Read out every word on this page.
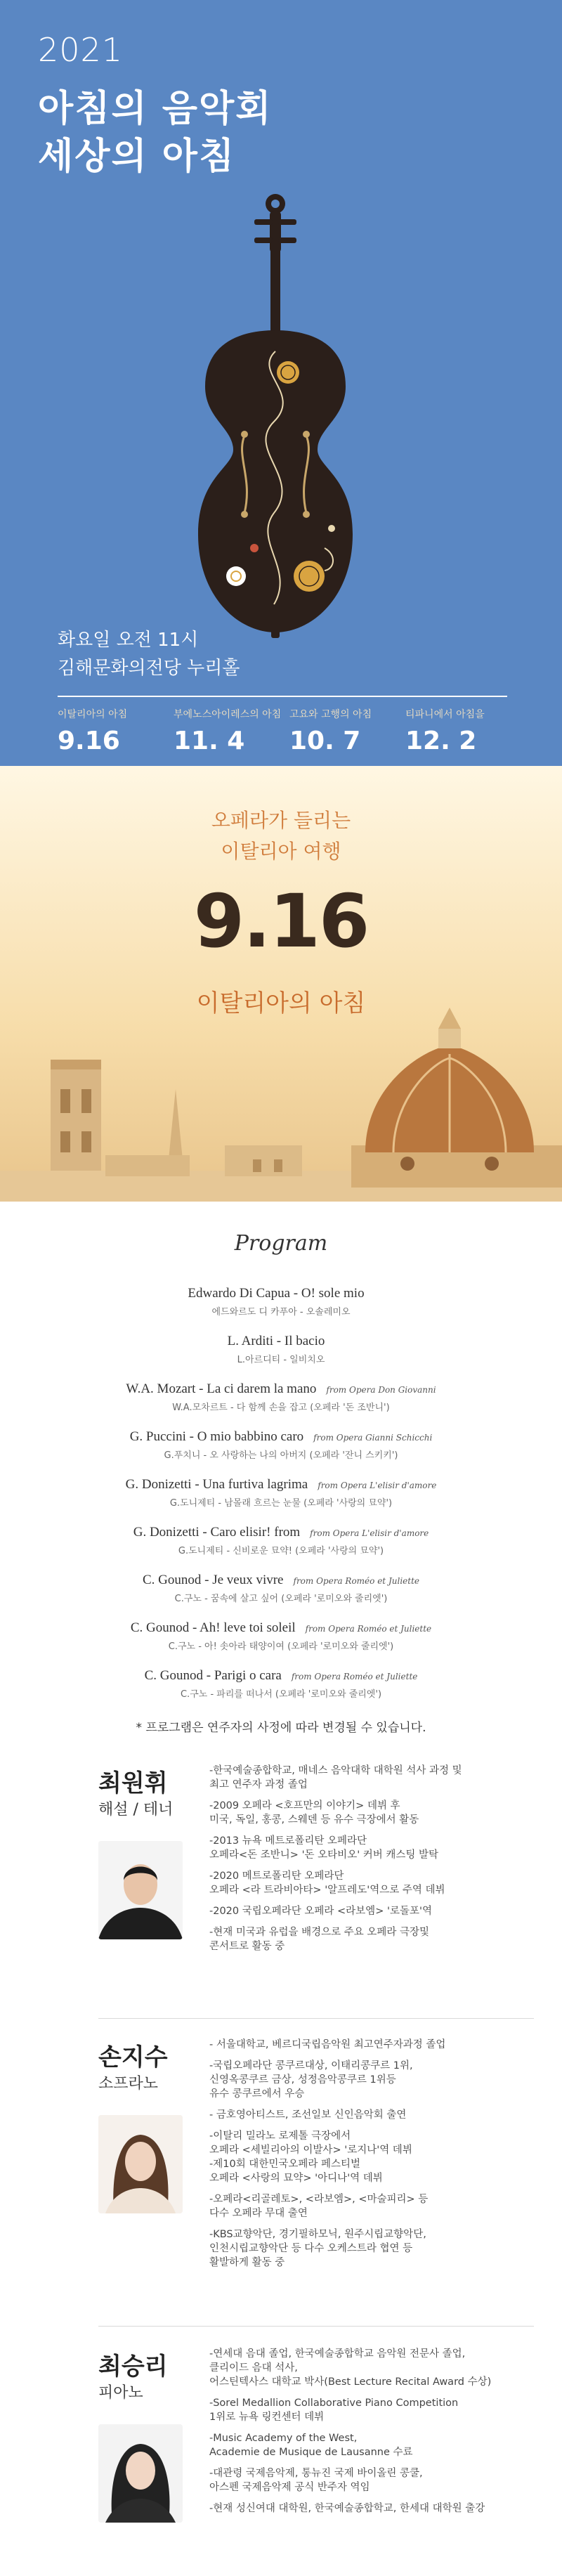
2021
아침의 음악회
세상의 아침
화요일 오전 11시
김해문화의전당 누리홀
이탈리아의 아침
9.16
부에노스아이레스의 아침
11. 4
고요와 고행의 아침
10. 7
티파니에서 아침을
12. 2
오페라가 들리는
이탈리아 여행
9.16
이탈리아의 아침
Program
Edwardo Di Capua - O! sole mio
에드와르도 디 카푸아 - 오솔레미오
L. Arditi - Il bacio
L.아르디티 - 일비치오
W.A. Mozart - La ci darem la mano from Opera Don Giovanni
W.A.모차르트 - 다 함께 손을 잡고 (오페라 '돈 조반니')
G. Puccini - O mio babbino caro from Opera Gianni Schicchi
G.푸치니 - 오 사랑하는 나의 아버지 (오페라 '잔니 스키키')
G. Donizetti - Una furtiva lagrima from Opera L'elisir d'amore
G.도니제티 - 남몰래 흐르는 눈물 (오페라 '사랑의 묘약')
G. Donizetti - Caro elisir! from from Opera L'elisir d'amore
G.도니제티 - 신비로운 묘약! (오페라 '사랑의 묘약')
C. Gounod - Je veux vivre from Opera Roméo et Juliette
C.구노 - 꿈속에 살고 싶어 (오페라 '로미오와 줄리엣')
C. Gounod - Ah! leve toi soleil from Opera Roméo et Juliette
C.구노 - 아! 솟아라 태양이여 (오페라 '로미오와 줄리엣')
C. Gounod - Parigi o cara from Opera Roméo et Juliette
C.구노 - 파리를 떠나서 (오페라 '로미오와 줄리엣')
* 프로그램은 연주자의 사정에 따라 변경될 수 있습니다.
최원휘
해설 / 테너
-한국예술종합학교, 매네스 음악대학 대학원 석사 과정 및
최고 연주자 과정 졸업
-2009 오페라 <호프만의 이야기> 데뷔 후
미국, 독일, 홍콩, 스웨덴 등 유수 극장에서 활동
-2013 뉴욕 메트로폴리탄 오페라단
오페라<돈 조반니> '돈 오타비오' 커버 캐스팅 발탁
-2020 메트로폴리탄 오페라단
오페라 <라 트라비아타> '알프레도'역으로 주역 데뷔
-2020 국립오페라단 오페라 <라보엠> '로돌포'역
-현재 미국과 유럽을 배경으로 주요 오페라 극장및
콘서트로 활동 중
손지수
소프라노
- 서울대학교, 베르디국립음악원 최고연주자과정 졸업
-국립오페라단 콩쿠르대상, 이태리콩쿠르 1위,
신영옥콩쿠르 금상, 성정음악콩쿠르 1위등
유수 콩쿠르에서 우승
- 금호영아티스트, 조선일보 신인음악회 출연
-이탈리 밀라노 로제톨 극장에서
오페라 <세빌리아의 이발사> '로지나'역 데뷔
-제10회 대한민국오페라 페스티벌
오페라 <사랑의 묘약> '아디나'역 데뷔
-오페라<리골레토>, <라보엠>, <마술피리> 등
다수 오페라 무대 출연
-KBS교향악단, 경기필하모닉, 원주시립교향악단,
인천시립교향악단 등 다수 오케스트라 협연 등
활발하게 활동 중
최승리
피아노
-연세대 음대 졸업, 한국예술종합학교 음악원 전문사 졸업,
클리이드 음대 석사,
어스틴텍사스 대학교 박사(Best Lecture Recital Award 수상)
-Sorel Medallion Collaborative Piano Competition
1위로 뉴욕 링컨센터 데뷔
-Music Academy of the West,
Academie de Musique de Lausanne 수료
-대관령 국제음악제, 통뉴진 국제 바이올린 콩쿨,
아스펜 국제음악제 공식 반주자 역임
-현재 성신여대 대학원, 한국예술종합학교, 한세대 대학원 출강
